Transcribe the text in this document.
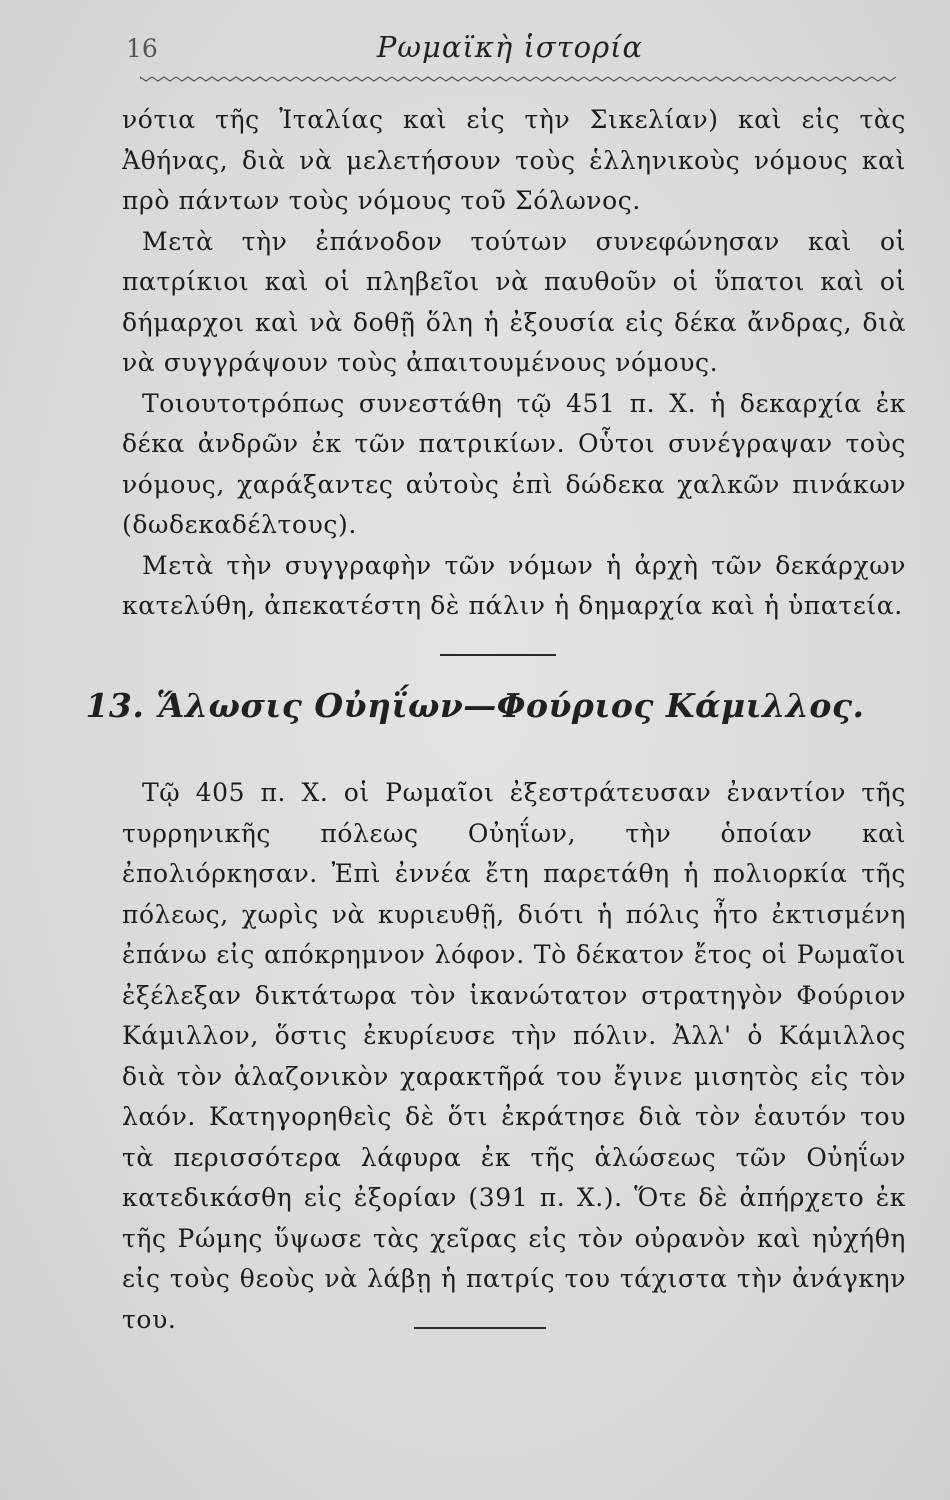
16	Ρωμαϊκὴ ἱστορία

νότια τῆς Ἰταλίας καὶ εἰς τὴν Σικελίαν) καὶ εἰς τὰς Ἀθήνας, διὰ νὰ μελετήσουν τοὺς ἑλληνικοὺς νόμους καὶ πρὸ πάντων τοὺς νόμους τοῦ Σόλωνος.

Μετὰ τὴν ἐπάνοδον τούτων συνεφώνησαν καὶ οἱ πατρίκιοι καὶ οἱ πληβεῖοι νὰ παυθοῦν οἱ ὕπατοι καὶ οἱ δήμαρχοι καὶ νὰ δοθῇ ὅλη ἡ ἐξουσία εἰς δέκα ἄνδρας, διὰ νὰ συγγράψουν τοὺς ἀπαιτουμένους νόμους.

Τοιουτοτρόπως συνεστάθη τῷ 451 π. Χ. ἡ δεκαρχία ἐκ δέκα ἀνδρῶν ἐκ τῶν πατρικίων. Οὗτοι συνέγραψαν τοὺς νόμους, χαράξαντες αὐτοὺς ἐπὶ δώδεκα χαλκῶν πινάκων (δωδεκαδέλτους).

Μετὰ τὴν συγγραφὴν τῶν νόμων ἡ ἀρχὴ τῶν δεκάρχων κατελύθη, ἀπεκατέστη δὲ πάλιν ἡ δημαρχία καὶ ἡ ὑπατεία.

13. Ἅλωσις Οὐηΐων—Φούριος Κάμιλλος.

Τῷ 405 π. Χ. οἱ Ρωμαῖοι ἐξεστράτευσαν ἐναντίον τῆς τυρρηνικῆς πόλεως Οὐηΐων, τὴν ὁποίαν καὶ ἐπολιόρκησαν. Ἐπὶ ἐννέα ἔτη παρετάθη ἡ πολιορκία τῆς πόλεως, χωρὶς νὰ κυριευθῇ, διότι ἡ πόλις ἦτο ἐκτισμένη ἐπάνω εἰς απόκρημνον λόφον. Τὸ δέκατον ἔτος οἱ Ρωμαῖοι ἐξέλεξαν δικτάτωρα τὸν ἱκανώτατον στρατηγὸν Φούριον Κάμιλλον, ὅστις ἐκυρίευσε τὴν πόλιν. Ἀλλ' ὁ Κάμιλλος διὰ τὸν ἀλαζονικὸν χαρακτῆρά του ἔγινε μισητὸς εἰς τὸν λαόν. Κατηγορηθεὶς δὲ ὅτι ἐκράτησε διὰ τὸν ἑαυτόν του τὰ περισσότερα λάφυρα ἐκ τῆς ἁλώσεως τῶν Οὐηΐων κατεδικάσθη εἰς ἐξορίαν (391 π. Χ.). Ὅτε δὲ ἀπήρχετο ἐκ τῆς Ρώμης ὕψωσε τὰς χεῖρας εἰς τὸν οὐρανὸν καὶ ηὐχήθη εἰς τοὺς θεοὺς νὰ λάβῃ ἡ πατρίς του τάχιστα τὴν ἀνάγκην του.
